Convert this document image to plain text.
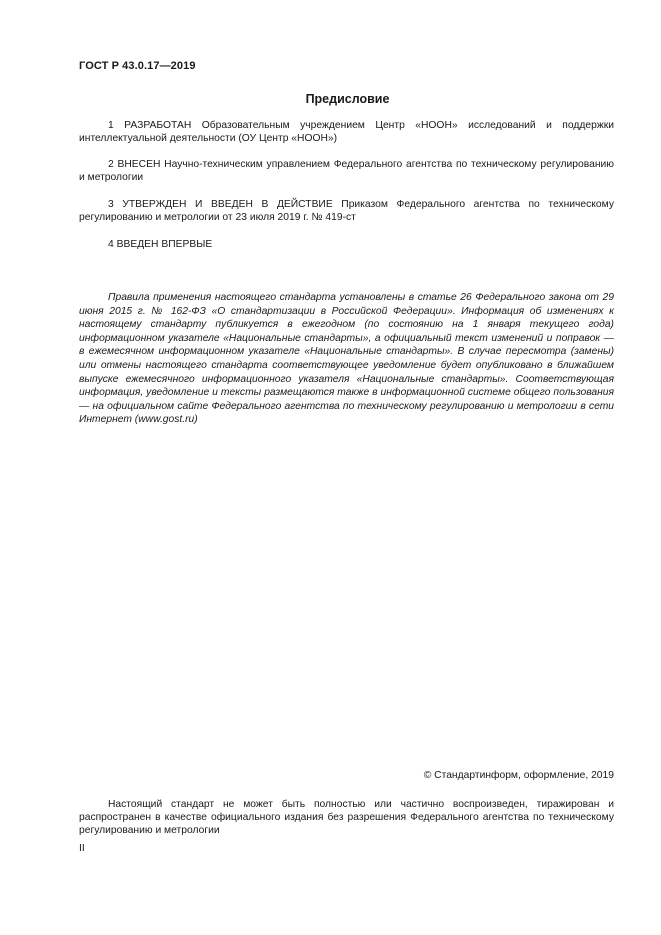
ГОСТ Р 43.0.17—2019
Предисловие

1 РАЗРАБОТАН Образовательным учреждением Центр «НООН» исследований и поддержки интеллектуальной деятельности (ОУ Центр «НООН»)

2 ВНЕСЕН Научно-техническим управлением Федерального агентства по техническому регулированию и метрологии

3 УТВЕРЖДЕН И ВВЕДЕН В ДЕЙСТВИЕ Приказом Федерального агентства по техническому регулированию и метрологии от 23 июля 2019 г. № 419-ст

4 ВВЕДЕН ВПЕРВЫЕ

Правила применения настоящего стандарта установлены в статье 26 Федерального закона от 29 июня 2015 г. № 162-ФЗ «О стандартизации в Российской Федерации». Информация об изменениях к настоящему стандарту публикуется в ежегодном (по состоянию на 1 января текущего года) информационном указателе «Национальные стандарты», а официальный текст изменений и поправок — в ежемесячном информационном указателе «Национальные стандарты». В случае пересмотра (замены) или отмены настоящего стандарта соответствующее уведомление будет опубликовано в ближайшем выпуске ежемесячного информационного указателя «Национальные стандарты». Соответствующая информация, уведомление и тексты размещаются также в информационной системе общего пользования — на официальном сайте Федерального агентства по техническому регулированию и метрологии в сети Интернет (www.gost.ru)

© Стандартинформ, оформление, 2019

Настоящий стандарт не может быть полностью или частично воспроизведен, тиражирован и распространен в качестве официального издания без разрешения Федерального агентства по техническому регулированию и метрологии

II
